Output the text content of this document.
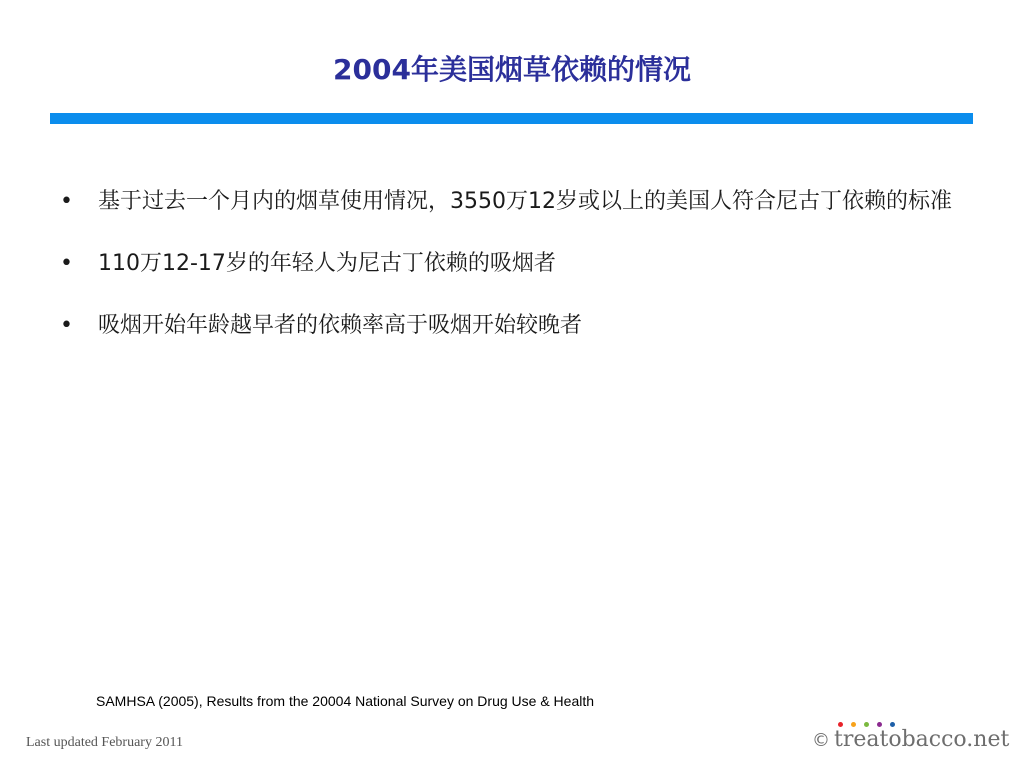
2004年美国烟草依赖的情况
•	基于过去一个月内的烟草使用情况，3550万12岁或以上的美国人符合尼古丁依赖的标准
•	110万12-17岁的年轻人为尼古丁依赖的吸烟者
•	吸烟开始年龄越早者的依赖率高于吸烟开始较晚者
SAMHSA (2005), Results from the 20004 National Survey on Drug Use & Health
Last updated February 2011
	© treatobacco.net
